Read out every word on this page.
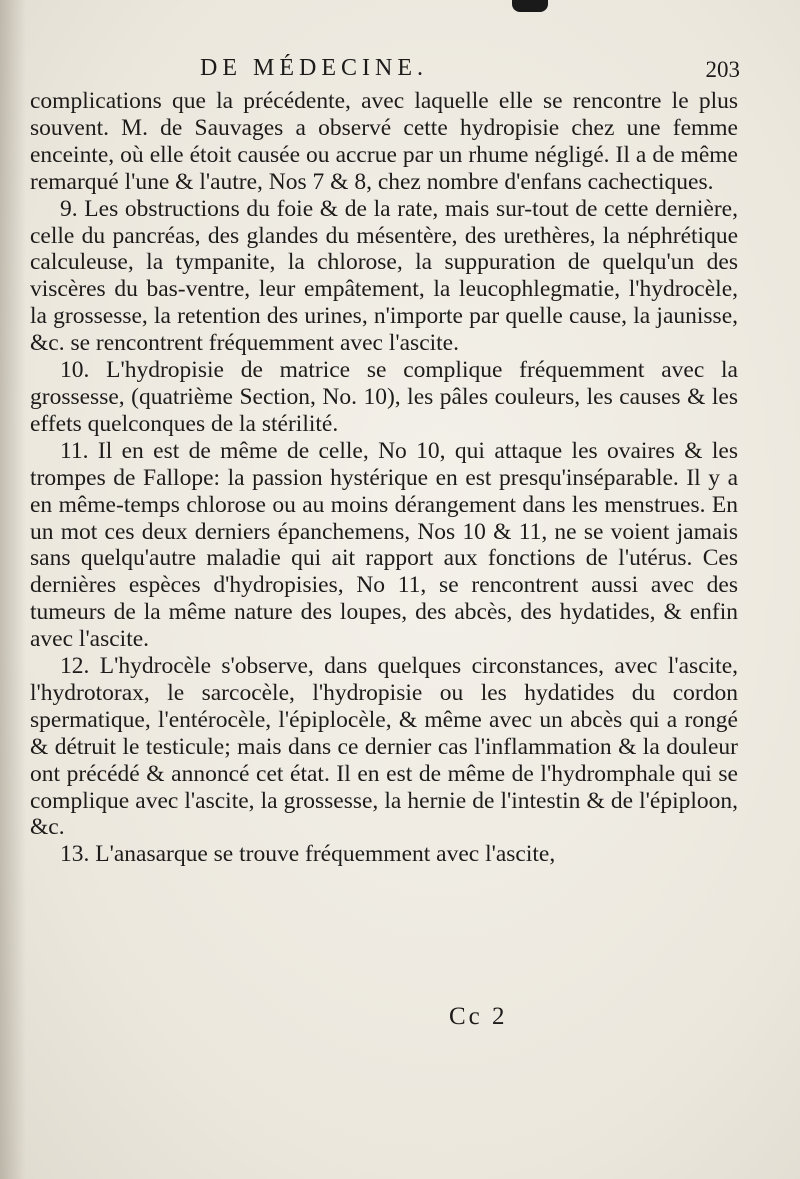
DE MÉDECINE.	203

complications que la précédente, avec laquelle elle se rencontre le plus souvent. M. de Sauvages a observé cette hydropisie chez une femme enceinte, où elle étoit causée ou accrue par un rhume négligé. Il a de même remarqué l'une & l'autre, Nos 7 & 8, chez nombre d'enfans cachectiques.

9. Les obstructions du foie & de la rate, mais sur-tout de cette dernière, celle du pancréas, des glandes du mésentère, des urethères, la néphrétique calculeuse, la tympanite, la chlorose, la suppuration de quelqu'un des viscères du bas-ventre, leur empâtement, la leucophlegmatie, l'hydrocèle, la grossesse, la retention des urines, n'importe par quelle cause, la jaunisse, &c. se rencontrent fréquemment avec l'ascite.

10. L'hydropisie de matrice se complique fréquemment avec la grossesse, (quatrième Section, No. 10), les pâles couleurs, les causes & les effets quelconques de la stérilité.

11. Il en est de même de celle, No 10, qui attaque les ovaires & les trompes de Fallope: la passion hystérique en est presqu'inséparable. Il y a en même-temps chlorose ou au moins dérangement dans les menstrues. En un mot ces deux derniers épanchemens, Nos 10 & 11, ne se voient jamais sans quelqu'autre maladie qui ait rapport aux fonctions de l'utérus. Ces dernières espèces d'hydropisies, No 11, se rencontrent aussi avec des tumeurs de la même nature des loupes, des abcès, des hydatides, & enfin avec l'ascite.

12. L'hydrocèle s'observe, dans quelques circonstances, avec l'ascite, l'hydrotorax, le sarcocèle, l'hydropisie ou les hydatides du cordon spermatique, l'entérocèle, l'épiplocèle, & même avec un abcès qui a rongé & détruit le testicule; mais dans ce dernier cas l'inflammation & la douleur ont précédé & annoncé cet état. Il en est de même de l'hydromphale qui se complique avec l'ascite, la grossesse, la hernie de l'intestin & de l'épiploon, &c.

13. L'anasarque se trouve fréquemment avec l'ascite,

Cc 2
